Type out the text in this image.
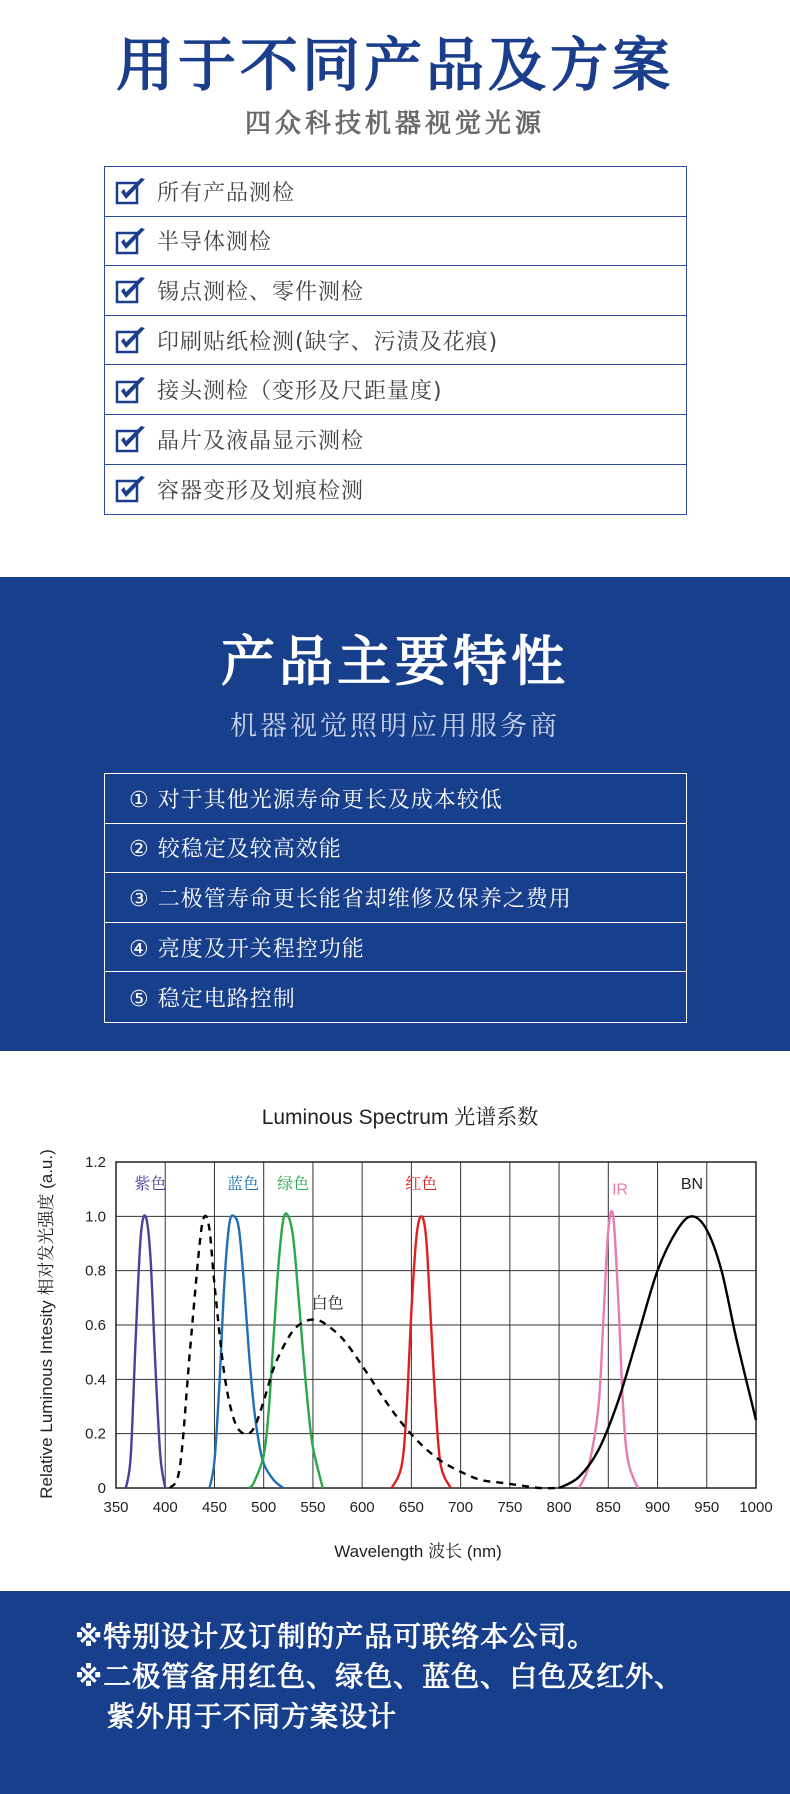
用于不同产品及方案
四众科技机器视觉光源
所有产品测检
半导体测检
锡点测检、零件测检
印刷贴纸检测(缺字、污渍及花痕)
接头测检（变形及尺距量度)
晶片及液晶显示测检
容器变形及划痕检测
产品主要特性
机器视觉照明应用服务商
① 对于其他光源寿命更长及成本较低
② 较稳定及较高效能
③ 二极管寿命更长能省却维修及保养之费用
④ 亮度及开关程控功能
⑤ 稳定电路控制
350 400 450 500 550 600 650 700 750 800 850 900 950 1000
0
0.2
0.4
0.6
0.8
1.0
1.2
Luminous Spectrum 光谱系数
Wavelength 波长 (nm)
Relative Luminous Intesity 相对发光强度 (a.u.)	紫色	蓝色 绿色	红色	IR	BN
白色
※特别设计及订制的产品可联络本公司。
※二极管备用红色、绿色、蓝色、白色及红外、
紫外用于不同方案设计
